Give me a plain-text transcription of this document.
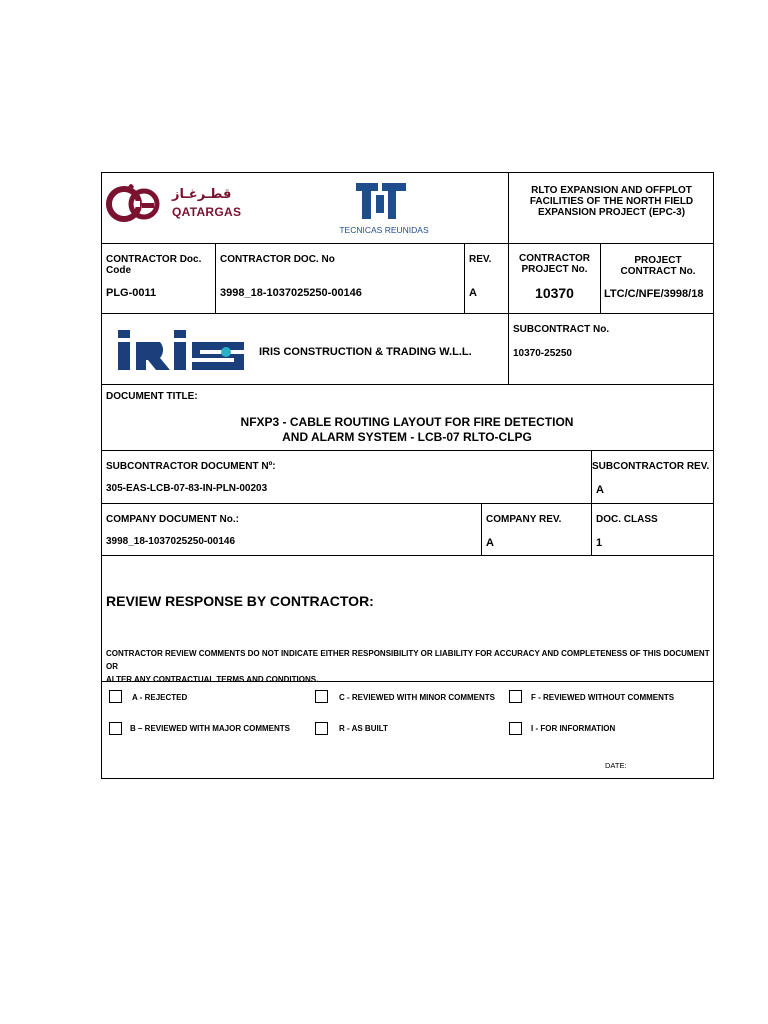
قطـرغـاز
QATARGAS
TECNICAS REUNIDAS
RLTO EXPANSION AND OFFPLOT
FACILITIES OF THE NORTH FIELD
EXPANSION PROJECT (EPC-3)
CONTRACTOR Doc.
Code
PLG-0011
CONTRACTOR DOC. No
3998_18-1037025250-00146
REV.
A
CONTRACTOR
PROJECT No.
10370
PROJECT
CONTRACT No.
LTC/C/NFE/3998/18
IRIS CONSTRUCTION & TRADING W.L.L.
SUBCONTRACT No.
10370-25250
DOCUMENT TITLE:
NFXP3 - CABLE ROUTING LAYOUT FOR FIRE DETECTION
AND ALARM SYSTEM - LCB-07 RLTO-CLPG
SUBCONTRACTOR DOCUMENT Nº:
305-EAS-LCB-07-83-IN-PLN-00203
SUBCONTRACTOR REV.
A
COMPANY DOCUMENT No.:
3998_18-1037025250-00146
COMPANY REV.
A
DOC. CLASS
1
REVIEW RESPONSE BY CONTRACTOR:
CONTRACTOR REVIEW COMMENTS DO NOT INDICATE EITHER RESPONSIBILITY OR LIABILITY FOR ACCURACY AND COMPLETENESS OF THIS DOCUMENT OR
ALTER ANY CONTRACTUAL TERMS AND CONDITIONS.
A - REJECTED	C - REVIEWED WITH MINOR COMMENTS	F - REVIEWED WITHOUT COMMENTS
B – REVIEWED WITH MAJOR COMMENTS	R - AS BUILT	I - FOR INFORMATION
DATE:
